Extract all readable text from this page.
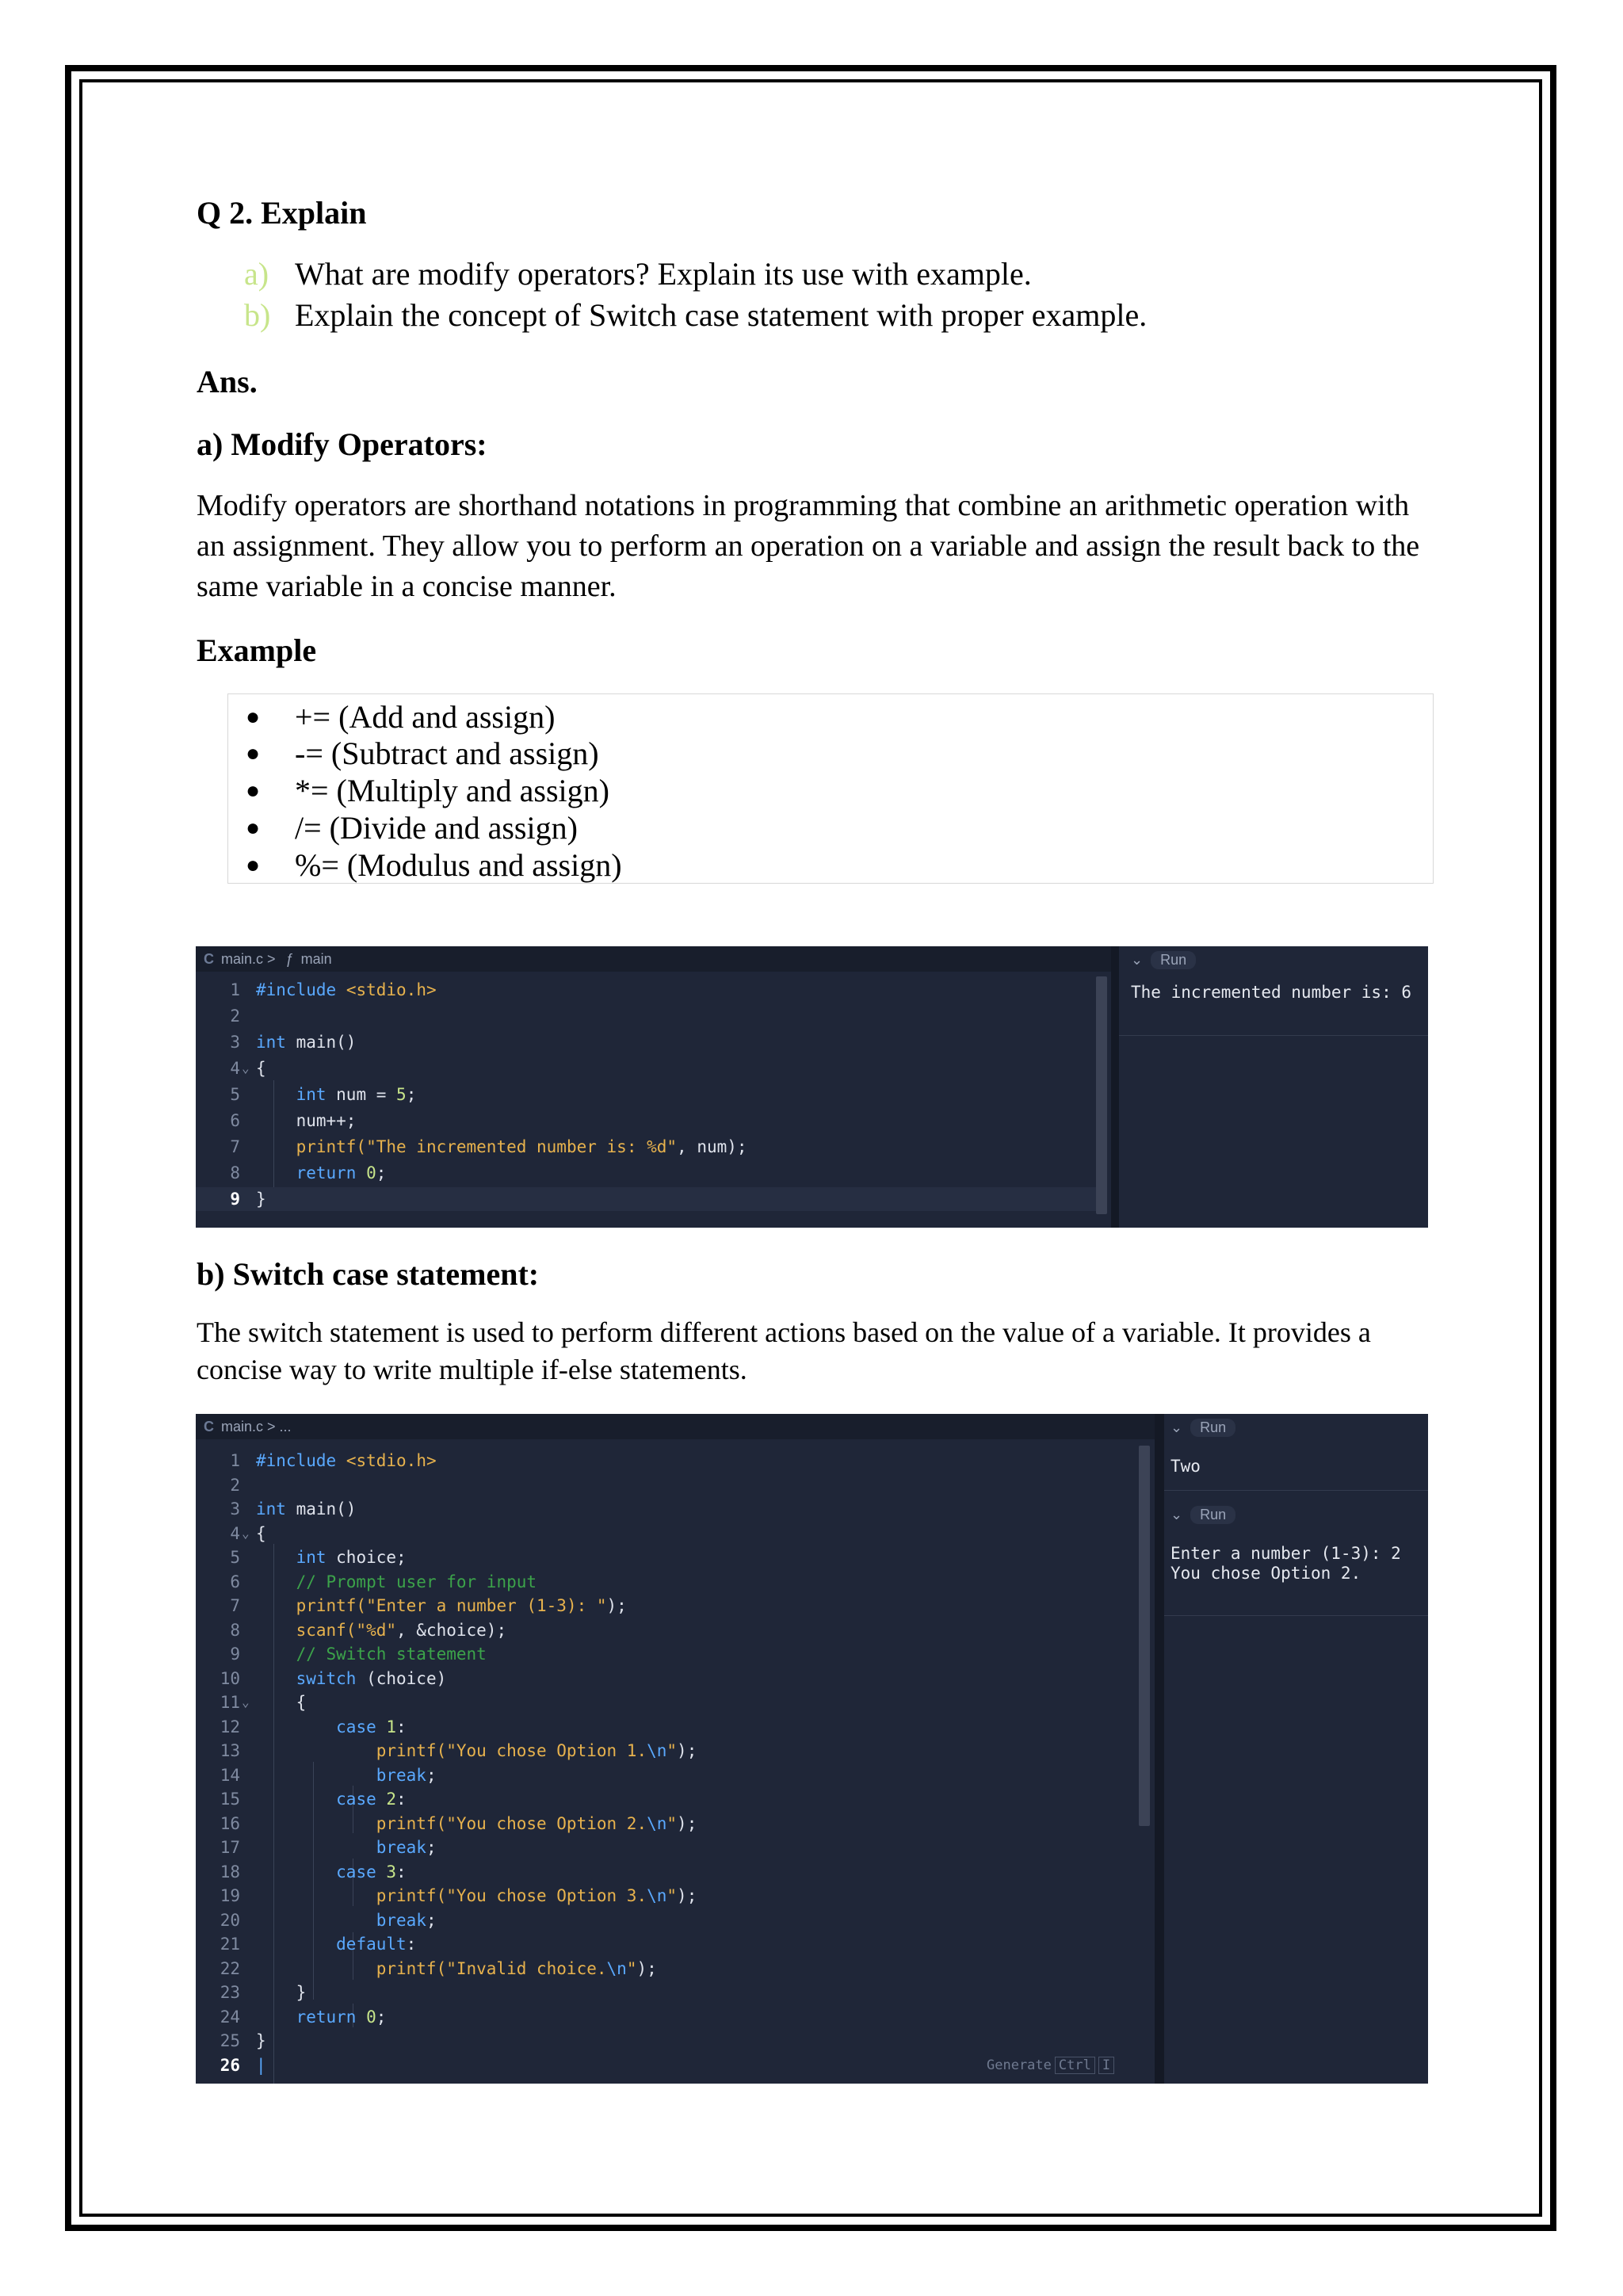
Q 2. Explain
a) What are modify operators? Explain its use with example.
b) Explain the concept of Switch case statement with proper example.
Ans.
a) Modify Operators:
Modify operators are shorthand notations in programming that combine an arithmetic operation with an assignment. They allow you to perform an operation on a variable and assign the result back to the same variable in a concise manner.
Example
● += (Add and assign)
● -= (Subtract and assign)
● *= (Multiply and assign)
● /= (Divide and assign)
● %= (Modulus and assign)
C main.c > ƒ main
1 #include <stdio.h>
2
3 int main()
4 ⌄ {
5	int num = 5;
6 num++;
7	printf("The incremented number is: %d", num);
8	return 0;
9 }
⌄ Run
The incremented number is: 6
b) Switch case statement:
The switch statement is used to perform different actions based on the value of a variable. It provides a concise way to write multiple if-else statements.
C main.c > ...
1 #include <stdio.h>
2
3 int main()
4 ⌄ {
5	int choice;
6	// Prompt user for input
7	printf("Enter a number (1-3): ");
8	scanf("%d", &choice);
9	// Switch statement
10	switch (choice)
11 ⌄ {
12	case 1:
13	printf("You chose Option 1.\n");
14	break;
15	case 2:
16	printf("You chose Option 2.\n");
17	break;
18	case 3:
19	printf("You chose Option 3.\n");
20	break;
21	default:
22	printf("Invalid choice.\n");
23 }
24	return 0;
25 }
26 |	Generate Ctrl I
⌄ Run
Two
⌄ Run
Enter a number (1-3): 2
You chose Option 2.
